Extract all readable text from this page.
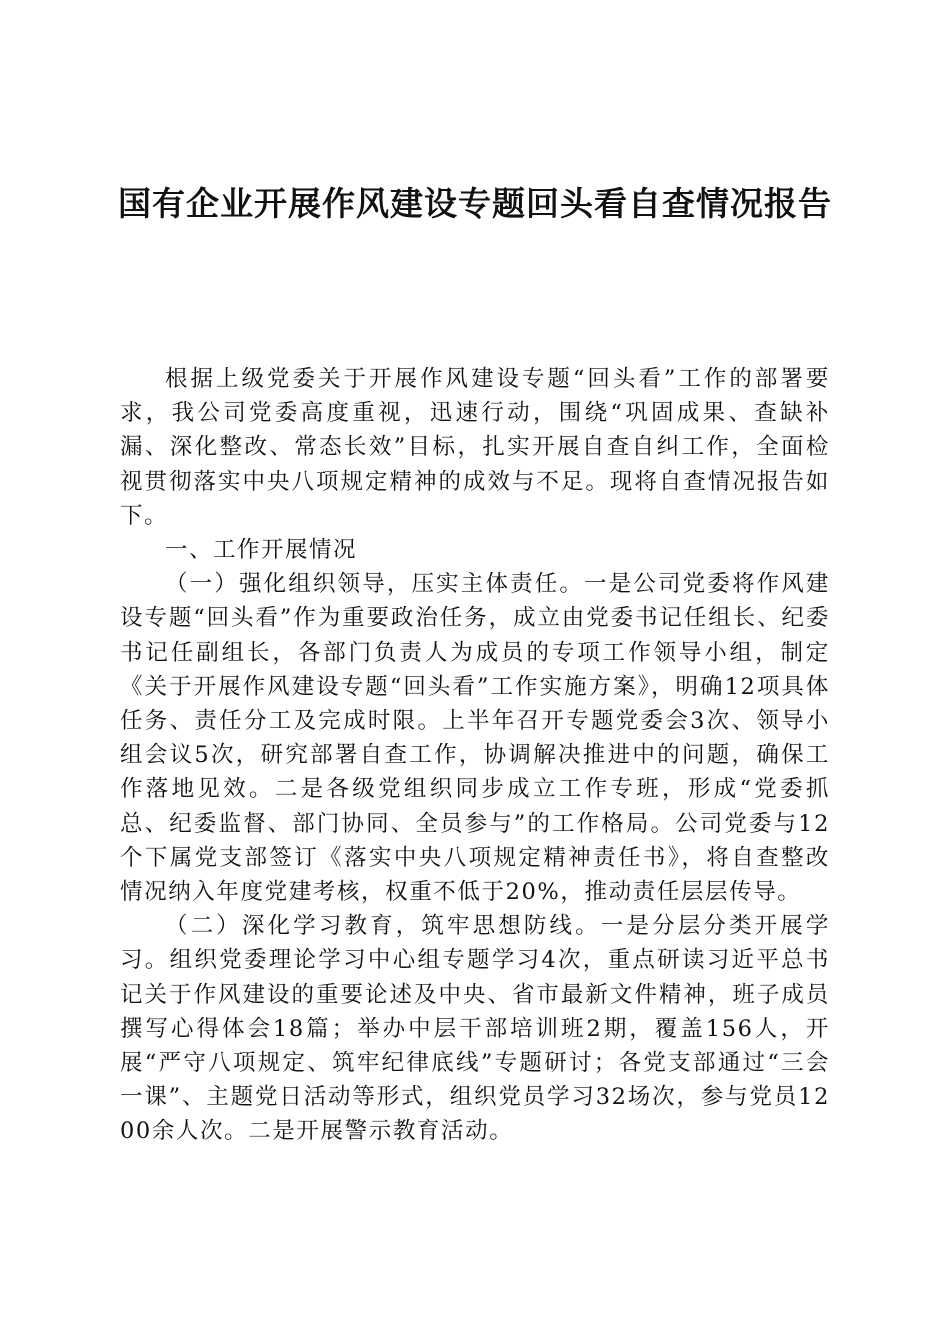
国有企业开展作风建设专题回头看自查情况报告

根据上级党委关于开展作风建设专题“回头看”工作的部署要求，我公司党委高度重视，迅速行动，围绕“巩固成果、查缺补漏、深化整改、常态长效”目标，扎实开展自查自纠工作，全面检视贯彻落实中央八项规定精神的成效与不足。现将自查情况报告如下。

一、工作开展情况

（一）强化组织领导，压实主体责任。一是公司党委将作风建设专题“回头看”作为重要政治任务，成立由党委书记任组长、纪委书记任副组长，各部门负责人为成员的专项工作领导小组，制定《关于开展作风建设专题“回头看”工作实施方案》，明确12项具体任务、责任分工及完成时限。上半年召开专题党委会3次、领导小组会议5次，研究部署自查工作，协调解决推进中的问题，确保工作落地见效。二是各级党组织同步成立工作专班，形成“党委抓总、纪委监督、部门协同、全员参与”的工作格局。公司党委与12个下属党支部签订《落实中央八项规定精神责任书》，将自查整改情况纳入年度党建考核，权重不低于20%，推动责任层层传导。

（二）深化学习教育，筑牢思想防线。一是分层分类开展学习。组织党委理论学习中心组专题学习4次，重点研读习近平总书记关于作风建设的重要论述及中央、省市最新文件精神，班子成员撰写心得体会18篇；举办中层干部培训班2期，覆盖156人，开展“严守八项规定、筑牢纪律底线”专题研讨；各党支部通过“三会一课”、主题党日活动等形式，组织党员学习32场次，参与党员1200余人次。二是开展警示教育活动。
